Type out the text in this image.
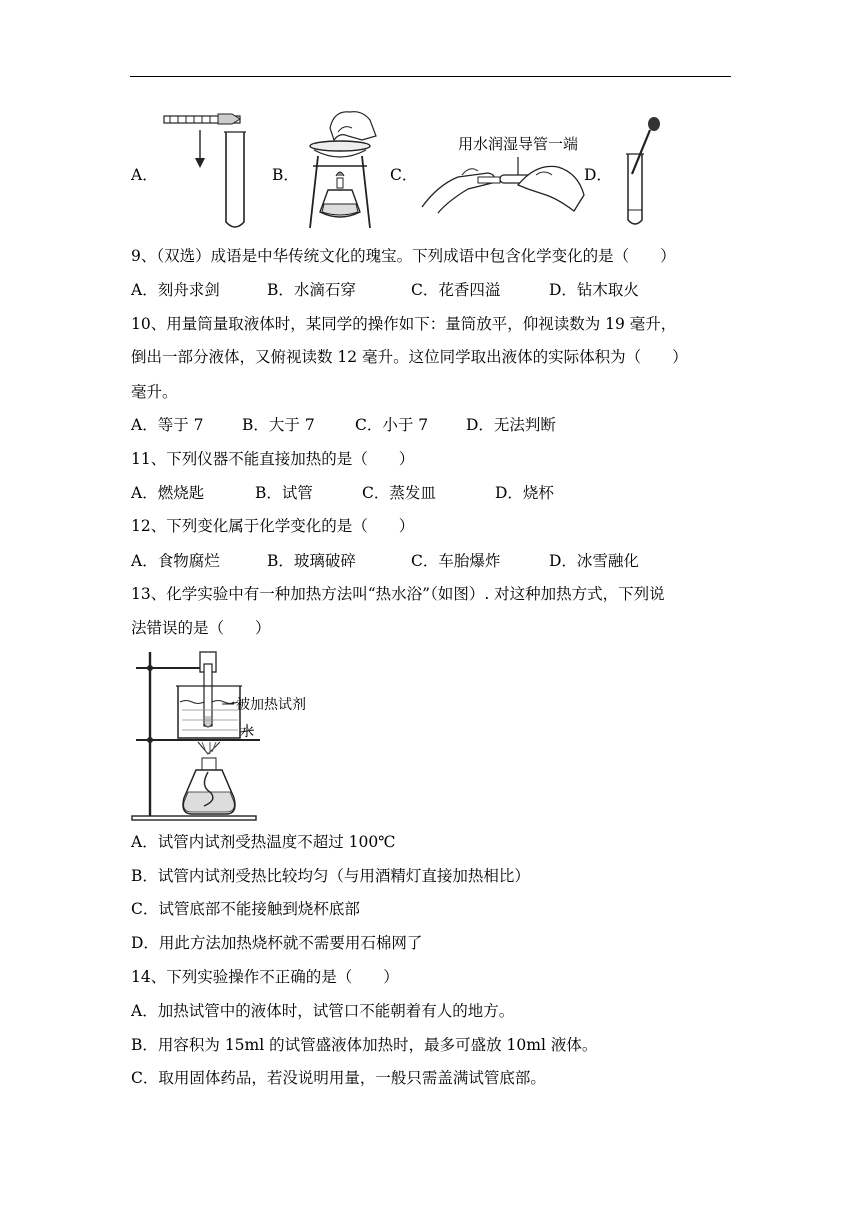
A．	B．	C．
用水润湿导管一端
D．
9、（双选）成语是中华传统文化的瑰宝。下列成语中包含化学变化的是（　　）
A．刻舟求剑	B．水滴石穿	C．花香四溢	D．钻木取火
10、用量筒量取液体时，某同学的操作如下：量筒放平，仰视读数为 19 毫升，
倒出一部分液体，又俯视读数 12 毫升。这位同学取出液体的实际体积为（　　）
毫升。
A．等于 7 B．大于 7	C．小于 7 D．无法判断
11、下列仪器不能直接加热的是（　　）
A．燃烧匙	B．试管	C．蒸发皿	D．烧杯
12、下列变化属于化学变化的是（　　）
A．食物腐烂	B．玻璃破碎	C．车胎爆炸	D．冰雪融化
13、化学实验中有一种加热方法叫“热水浴”（如图）. 对这种加热方式，下列说
法错误的是（　　）
被加热试剂
水
A．试管内试剂受热温度不超过 100℃
B．试管内试剂受热比较均匀（与用酒精灯直接加热相比）
C．试管底部不能接触到烧杯底部
D．用此方法加热烧杯就不需要用石棉网了
14、下列实验操作不正确的是（　　）
A．加热试管中的液体时，试管口不能朝着有人的地方。
B．用容积为 15ml 的试管盛液体加热时，最多可盛放 10ml 液体。
C．取用固体药品，若没说明用量，一般只需盖满试管底部。
